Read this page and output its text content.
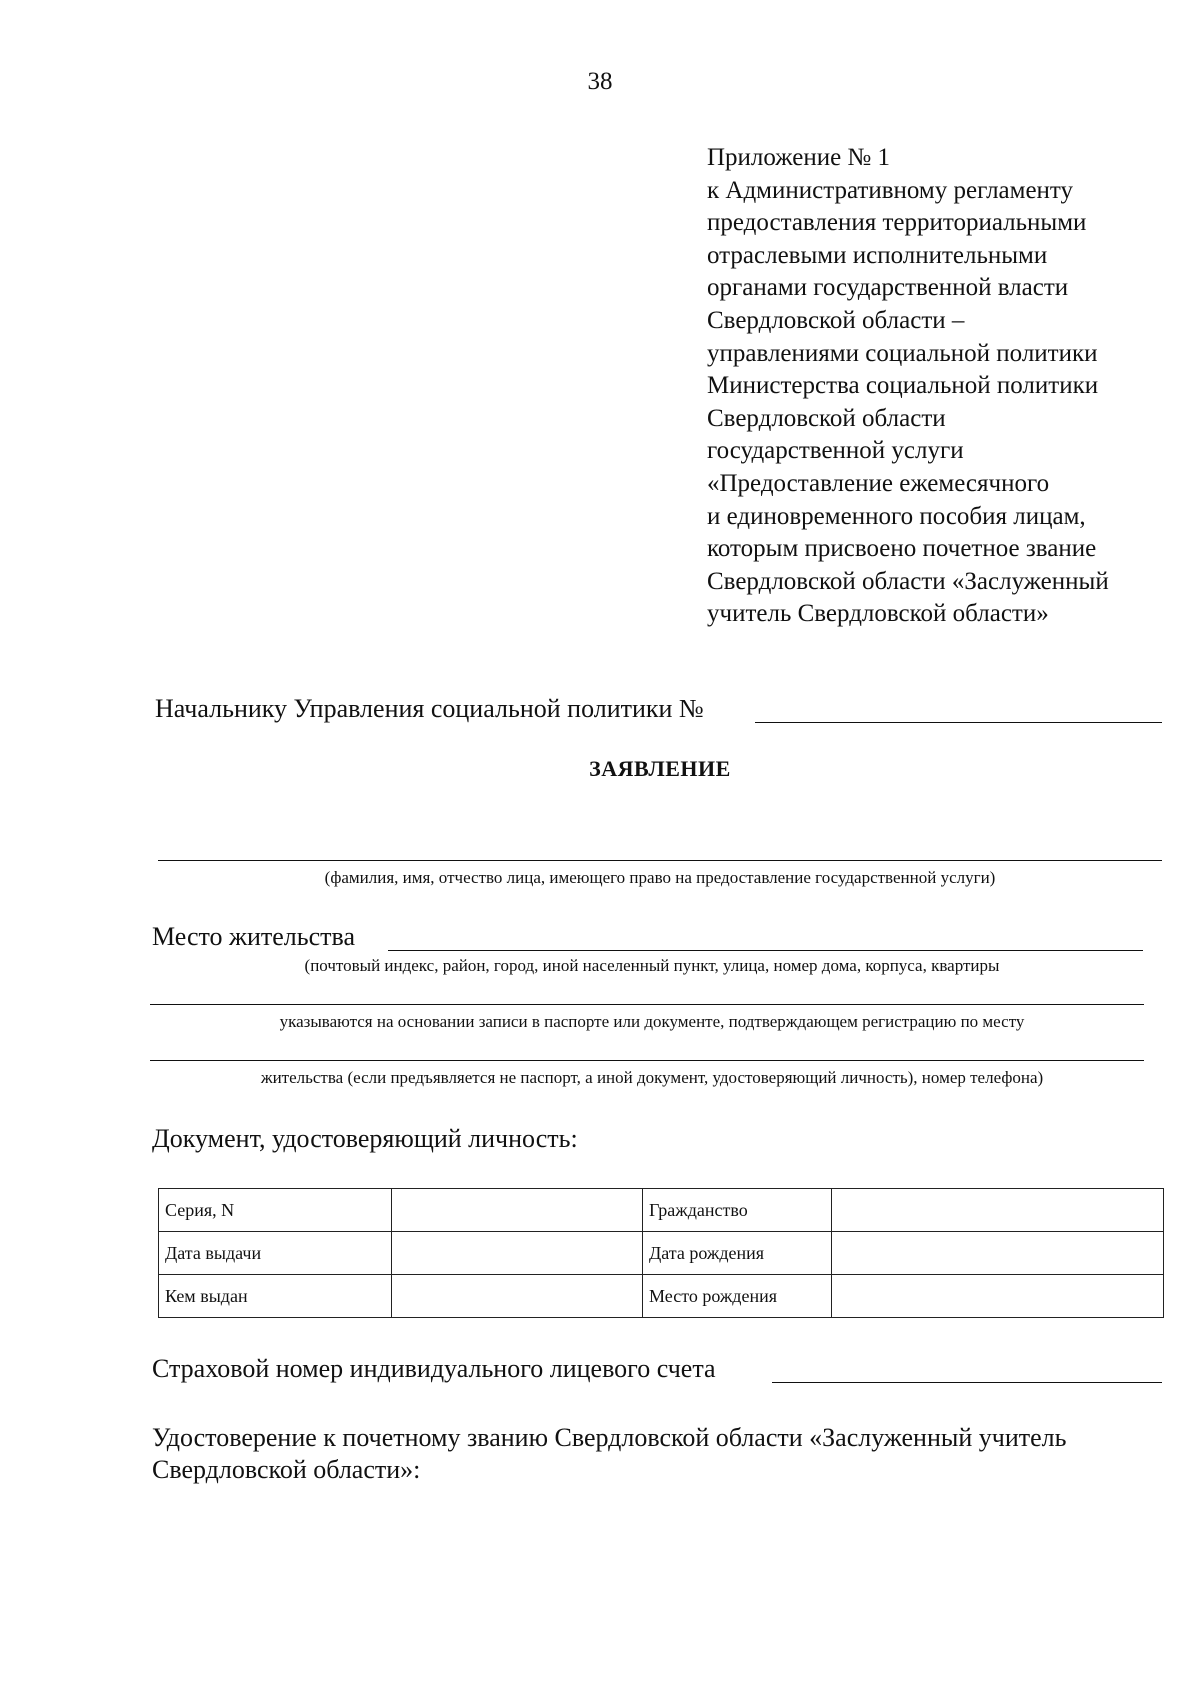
38
Приложение № 1
к Административному регламенту
предоставления территориальными
отраслевыми исполнительными
органами государственной власти
Свердловской области –
управлениями социальной политики
Министерства социальной политики
Свердловской области
государственной услуги
«Предоставление ежемесячного
и единовременного пособия лицам,
которым присвоено почетное звание
Свердловской области «Заслуженный
учитель Свердловской области»
Начальнику Управления социальной политики №
ЗАЯВЛЕНИЕ
(фамилия, имя, отчество лица, имеющего право на предоставление государственной услуги)
Место жительства
(почтовый индекс, район, город, иной населенный пункт, улица, номер дома, корпуса, квартиры
указываются на основании записи в паспорте или документе, подтверждающем регистрацию по месту
жительства (если предъявляется не паспорт, а иной документ, удостоверяющий личность), номер телефона)
Документ, удостоверяющий личность:
Серия, N		Гражданство	
Дата выдачи		Дата рождения	
Кем выдан		Место рождения	
Страховой номер индивидуального лицевого счета
Удостоверение к почетному званию Свердловской области «Заслуженный учитель Свердловской области»:
